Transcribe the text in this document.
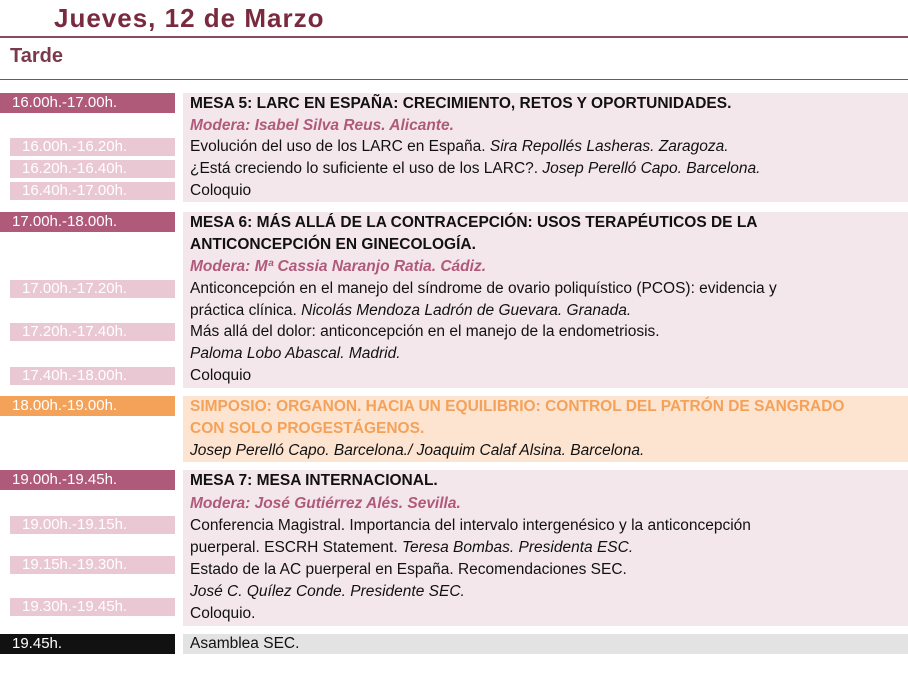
Jueves, 12 de Marzo
Tarde
16.00h.-17.00h.	MESA 5: LARC EN ESPAÑA: CRECIMIENTO, RETOS Y OPORTUNIDADES.
Modera: Isabel Silva Reus. Alicante.
16.00h.-16.20h.	Evolución del uso de los LARC en España. Sira Repollés Lasheras. Zaragoza.
16.20h.-16.40h.	¿Está creciendo lo suficiente el uso de los LARC?. Josep Perelló Capo. Barcelona.
16.40h.-17.00h.	Coloquio
17.00h.-18.00h.	MESA 6: MÁS ALLÁ DE LA CONTRACEPCIÓN: USOS TERAPÉUTICOS DE LA
ANTICONCEPCIÓN EN GINECOLOGÍA.
Modera: Mª Cassia Naranjo Ratia. Cádiz.
17.00h.-17.20h.	Anticoncepción en el manejo del síndrome de ovario poliquístico (PCOS): evidencia y
práctica clínica. Nicolás Mendoza Ladrón de Guevara. Granada.
17.20h.-17.40h.	Más allá del dolor: anticoncepción en el manejo de la endometriosis.
Paloma Lobo Abascal. Madrid.
17.40h.-18.00h.	Coloquio
18.00h.-19.00h.	SIMPOSIO: ORGANON. HACIA UN EQUILIBRIO: CONTROL DEL PATRÓN DE SANGRADO
CON SOLO PROGESTÁGENOS.
Josep Perelló Capo. Barcelona./ Joaquim Calaf Alsina. Barcelona.
19.00h.-19.45h.	MESA 7: MESA INTERNACIONAL.
Modera: José Gutiérrez Alés. Sevilla.
19.00h.-19.15h.	Conferencia Magistral. Importancia del intervalo intergenésico y la anticoncepción
puerperal. ESCRH Statement. Teresa Bombas. Presidenta ESC.
19.15h.-19.30h.	Estado de la AC puerperal en España. Recomendaciones SEC.
José C. Quílez Conde. Presidente SEC.
19.30h.-19.45h.	Coloquio.
19.45h.	Asamblea SEC.
